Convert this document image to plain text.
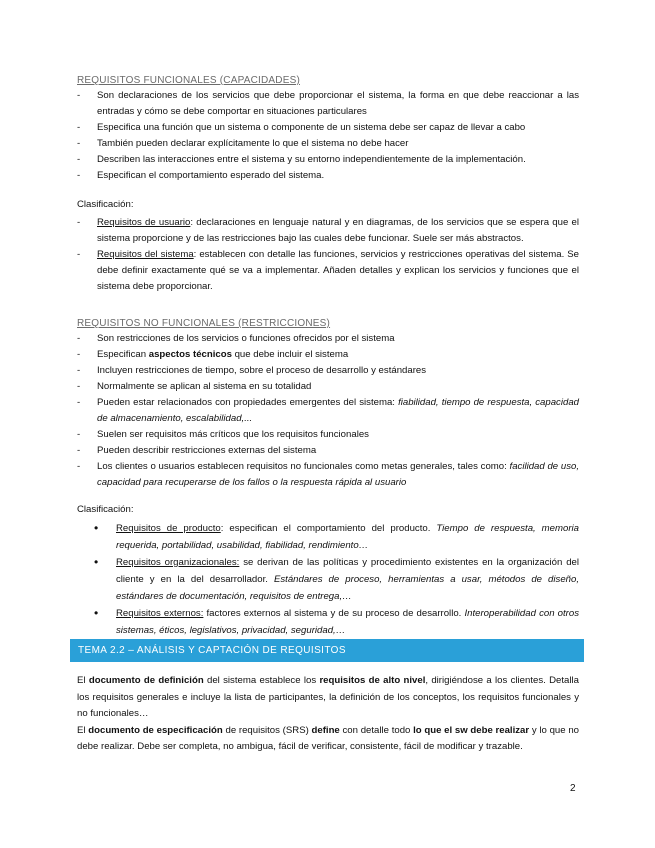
REQUISITOS FUNCIONALES (CAPACIDADES)
- Son declaraciones de los servicios que debe proporcionar el sistema, la forma en que debe reaccionar a las entradas y cómo se debe comportar en situaciones particulares
- Especifica una función que un sistema o componente de un sistema debe ser capaz de llevar a cabo
- También pueden declarar explícitamente lo que el sistema no debe hacer
- Describen las interacciones entre el sistema y su entorno independientemente de la implementación.
- Especifican el comportamiento esperado del sistema.
Clasificación:
- Requisitos de usuario: declaraciones en lenguaje natural y en diagramas, de los servicios que se espera que el sistema proporcione y de las restricciones bajo las cuales debe funcionar. Suele ser más abstractos.
- Requisitos del sistema: establecen con detalle las funciones, servicios y restricciones operativas del sistema. Se debe definir exactamente qué se va a implementar. Añaden detalles y explican los servicios y funciones que el sistema debe proporcionar.
REQUISITOS NO FUNCIONALES (RESTRICCIONES)
- Son restricciones de los servicios o funciones ofrecidos por el sistema
- Especifican aspectos técnicos que debe incluir el sistema
- Incluyen restricciones de tiempo, sobre el proceso de desarrollo y estándares
- Normalmente se aplican al sistema en su totalidad
- Pueden estar relacionados con propiedades emergentes del sistema: fiabilidad, tiempo de respuesta, capacidad de almacenamiento, escalabilidad,...
- Suelen ser requisitos más críticos que los requisitos funcionales
- Pueden describir restricciones externas del sistema
- Los clientes o usuarios establecen requisitos no funcionales como metas generales, tales como: facilidad de uso, capacidad para recuperarse de los fallos o la respuesta rápida al usuario
Clasificación:
• Requisitos de producto: especifican el comportamiento del producto. Tiempo de respuesta, memoria requerida, portabilidad, usabilidad, fiabilidad, rendimiento…
• Requisitos organizacionales: se derivan de las políticas y procedimiento existentes en la organización del cliente y en la del desarrollador. Estándares de proceso, herramientas a usar, métodos de diseño, estándares de documentación, requisitos de entrega,…
• Requisitos externos: factores externos al sistema y de su proceso de desarrollo. Interoperabilidad con otros sistemas, éticos, legislativos, privacidad, seguridad,…
TEMA 2.2 – ANÁLISIS Y CAPTACIÓN DE REQUISITOS

El documento de definición del sistema establece los requisitos de alto nivel, dirigiéndose a los clientes. Detalla los requisitos generales e incluye la lista de participantes, la definición de los conceptos, los requisitos funcionales y no funcionales…

El documento de especificación de requisitos (SRS) define con detalle todo lo que el sw debe realizar y lo que no debe realizar. Debe ser completa, no ambigua, fácil de verificar, consistente, fácil de modificar y trazable.

2
